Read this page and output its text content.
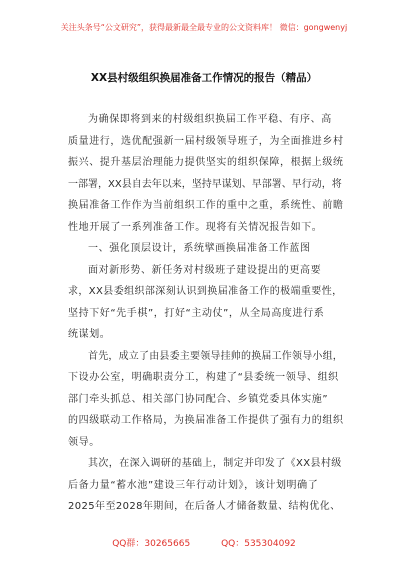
关注头条号“公文研究”，获得最新最全最专业的公文资料库！ 微信：gongwenyj
XX县村级组织换届准备工作情况的报告（精品）
为确保即将到来的村级组织换届工作平稳、有序、高
质量进行，选优配强新一届村级领导班子，为全面推进乡村
振兴、提升基层治理能力提供坚实的组织保障，根据上级统
一部署，XX县自去年以来，坚持早谋划、早部署、早行动，将
换届准备工作作为当前组织工作的重中之重，系统性、前瞻
性地开展了一系列准备工作。现将有关情况报告如下。
一、强化顶层设计，系统擘画换届准备工作蓝图
面对新形势、新任务对村级班子建设提出的更高要
求，XX县委组织部深刻认识到换届准备工作的极端重要性，
坚持下好“先手棋”，打好“主动仗”，从全局高度进行系
统谋划。
首先，成立了由县委主要领导挂帅的换届工作领导小组，
下设办公室，明确职责分工，构建了“县委统一领导、组织
部门牵头抓总、相关部门协同配合、乡镇党委具体实施”
的四级联动工作格局，为换届准备工作提供了强有力的组织
领导。
其次，在深入调研的基础上，制定并印发了《XX县村级
后备力量“蓄水池”建设三年行动计划》，该计划明确了
2025年至2028年期间，在后备人才储备数量、结构优化、
QQ群：30265665	QQ：535304092
